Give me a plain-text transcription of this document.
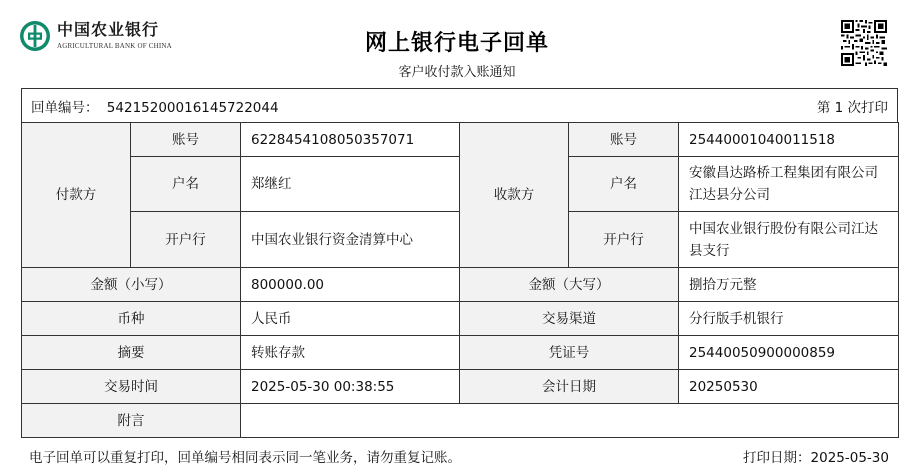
中国农业银行
AGRICULTURAL BANK OF CHINA	网上银行电子回单
客户收付款入账通知
回单编号： 54215200016145722044	第 1 次打印
付款方	账号	6228454108050357071	收款方	账号	25440001040011518
	户名	郑继红		户名	安徽昌达路桥工程集团有限公司江达县分公司
	开户行	中国农业银行资金清算中心		开户行	中国农业银行股份有限公司江达县支行
金额（小写）		800000.00	金额（大写）		捌拾万元整
币种		人民币	交易渠道		分行版手机银行
摘要		转账存款	凭证号		25440050900000859
交易时间		2025-05-30 00:38:55	会计日期		20250530
附言					
电子回单可以重复打印，回单编号相同表示同一笔业务，请勿重复记账。	打印日期：2025-05-30
